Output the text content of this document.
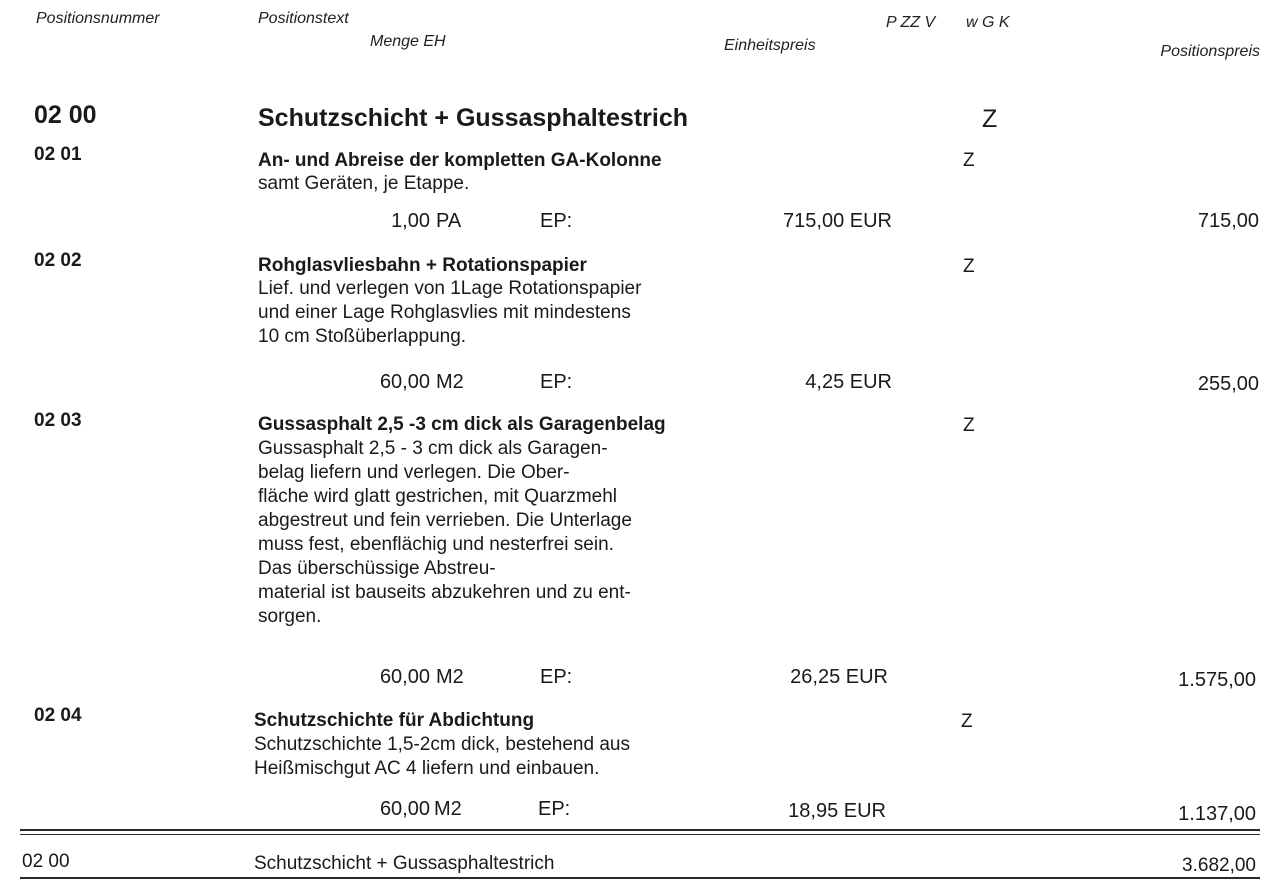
Positionsnummer	Positionstext
Menge EH
P ZZ V w G K
Einheitspreis	Positionspreis
02 00	Schutzschicht + Gussasphaltestrich	Z
02 01	An- und Abreise der kompletten GA-Kolonne	Z
samt Geräten, je Etappe.
1,00 PA	EP:	715,00 EUR	715,00
02 02	Rohglasvliesbahn + Rotationspapier	Z
Lief. und verlegen von 1Lage Rotationspapier
und einer Lage Rohglasvlies mit mindestens
10 cm Stoßüberlappung.
60,00 M2	EP:	4,25 EUR	255,00
02 03	Gussasphalt 2,5 -3 cm dick als Garagenbelag	Z
Gussasphalt 2,5 - 3 cm dick als Garagen-
belag liefern und verlegen. Die Ober-
fläche wird glatt gestrichen, mit Quarzmehl
abgestreut und fein verrieben. Die Unterlage
muss fest, ebenflächig und nesterfrei sein.
Das überschüssige Abstreu-
material ist bauseits abzukehren und zu ent-
sorgen.
60,00 M2	EP:	26,25 EUR	1.575,00
02 04	Schutzschichte für Abdichtung	Z
Schutzschichte 1,5-2cm dick, bestehend aus
Heißmischgut AC 4 liefern und einbauen.
60,00 M2	EP:	18,95 EUR	1.137,00
02 00	Schutzschicht + Gussasphaltestrich	3.682,00
